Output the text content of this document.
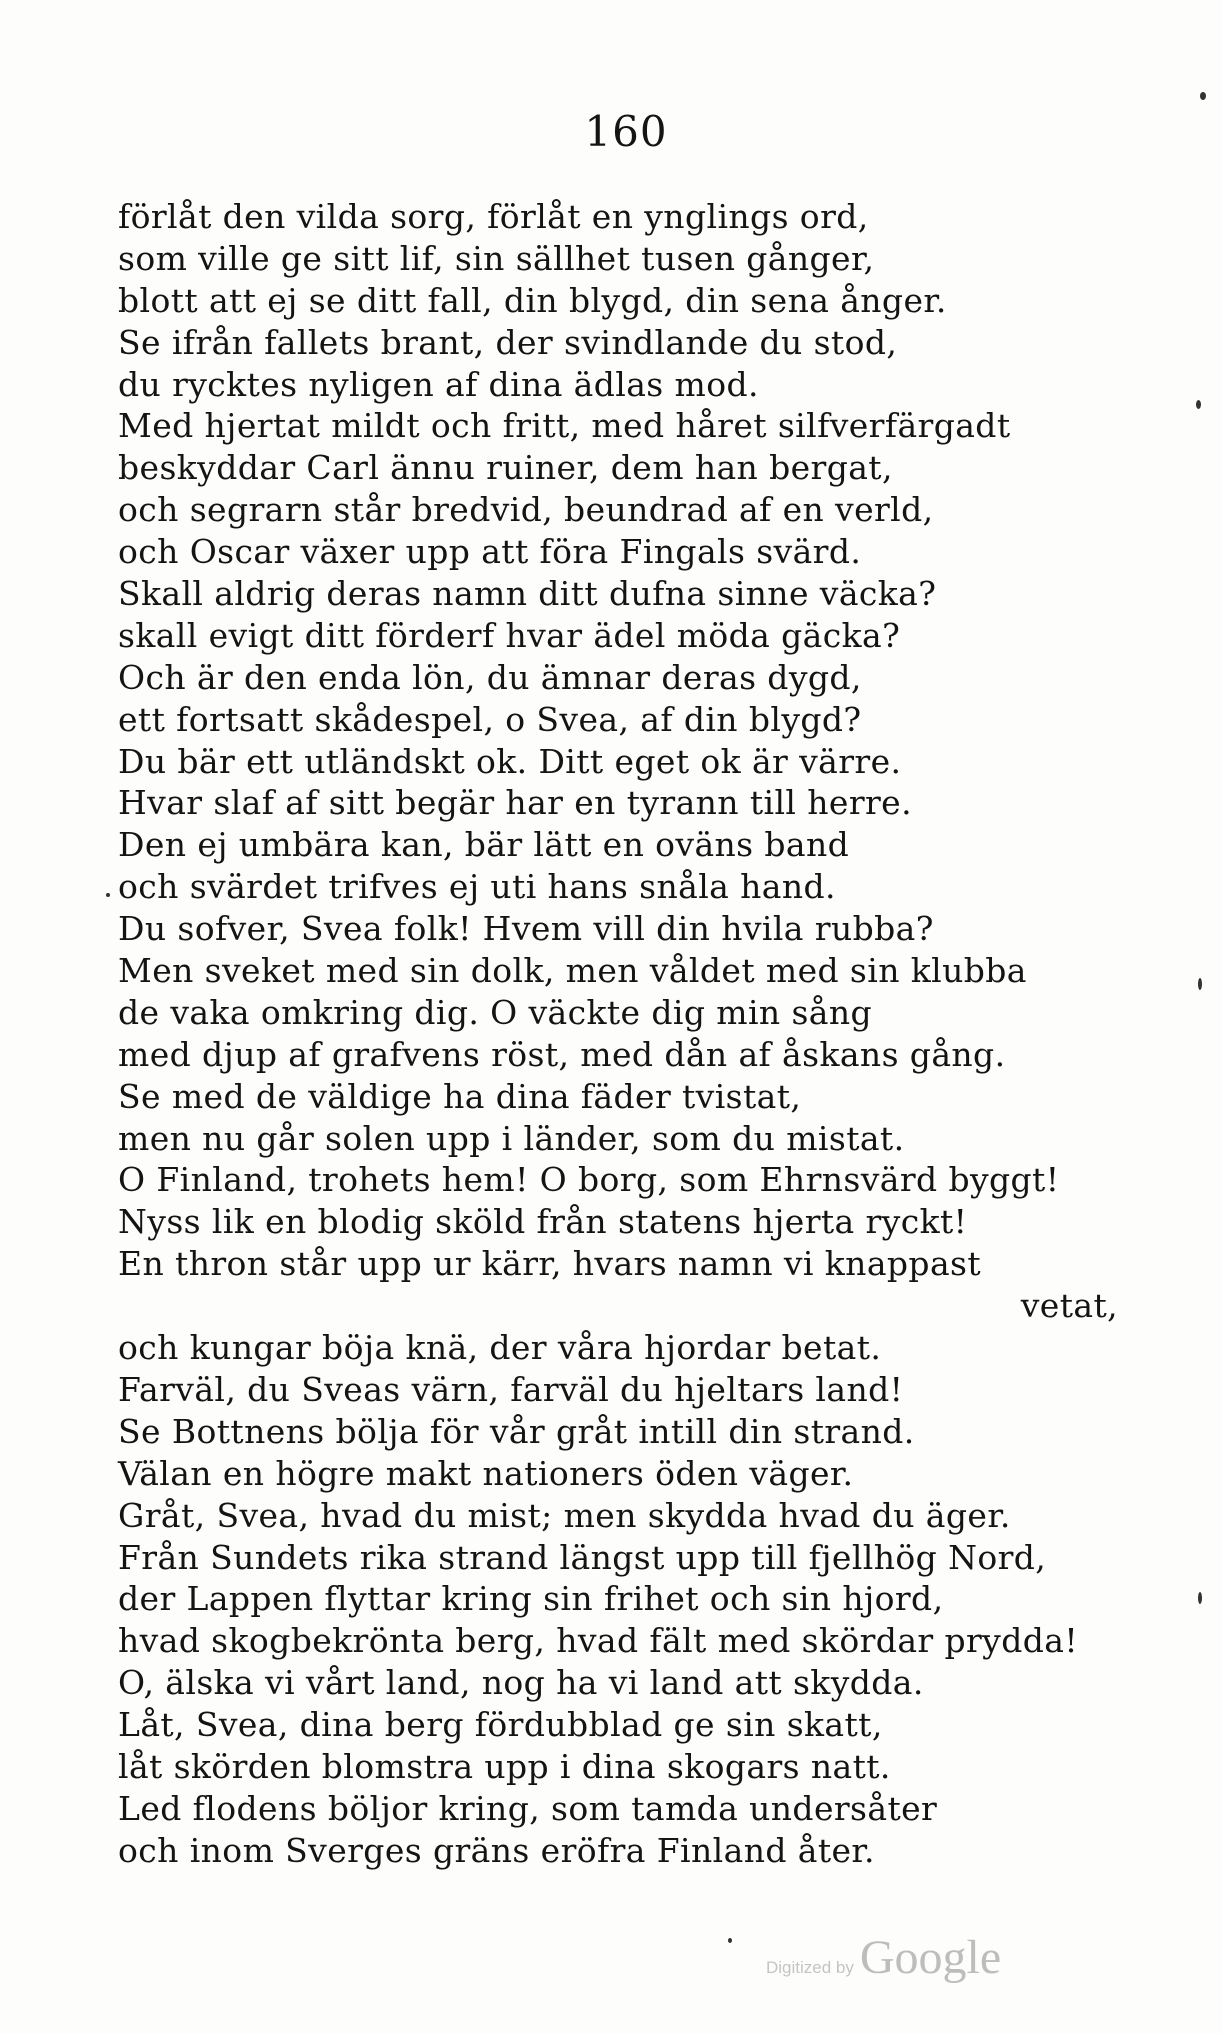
160
förlåt den vilda sorg, förlåt en ynglings ord,
som ville ge sitt lif, sin sällhet tusen gånger,
blott att ej se ditt fall, din blygd, din sena ånger.
Se ifrån fallets brant, der svindlande du stod,
du rycktes nyligen af dina ädlas mod.
Med hjertat mildt och fritt, med håret silfverfärgadt
beskyddar Carl ännu ruiner, dem han bergat,
och segrarn står bredvid, beundrad af en verld,
och Oscar växer upp att föra Fingals svärd.
Skall aldrig deras namn ditt dufna sinne väcka?
skall evigt ditt förderf hvar ädel möda gäcka?
Och är den enda lön, du ämnar deras dygd,
ett fortsatt skådespel, o Svea, af din blygd?
Du bär ett utländskt ok. Ditt eget ok är värre.
Hvar slaf af sitt begär har en tyrann till herre.
Den ej umbära kan, bär lätt en oväns band
och svärdet trifves ej uti hans snåla hand.
Du sofver, Svea folk! Hvem vill din hvila rubba?
Men sveket med sin dolk, men våldet med sin klubba
de vaka omkring dig. O väckte dig min sång
med djup af grafvens röst, med dån af åskans gång.
Se med de väldige ha dina fäder tvistat,
men nu går solen upp i länder, som du mistat.
O Finland, trohets hem! O borg, som Ehrnsvärd byggt!
Nyss lik en blodig sköld från statens hjerta ryckt!
En thron står upp ur kärr, hvars namn vi knappast
vetat,
och kungar böja knä, der våra hjordar betat.
Farväl, du Sveas värn, farväl du hjeltars land!
Se Bottnens bölja för vår gråt intill din strand.
Välan en högre makt nationers öden väger.
Gråt, Svea, hvad du mist; men skydda hvad du äger.
Från Sundets rika strand längst upp till fjellhög Nord,
der Lappen flyttar kring sin frihet och sin hjord,
hvad skogbekrönta berg, hvad fält med skördar prydda!
O, älska vi vårt land, nog ha vi land att skydda.
Låt, Svea, dina berg fördubblad ge sin skatt,
låt skörden blomstra upp i dina skogars natt.
Led flodens böljor kring, som tamda undersåter
och inom Sverges gräns eröfra Finland åter.
Digitized by Google
